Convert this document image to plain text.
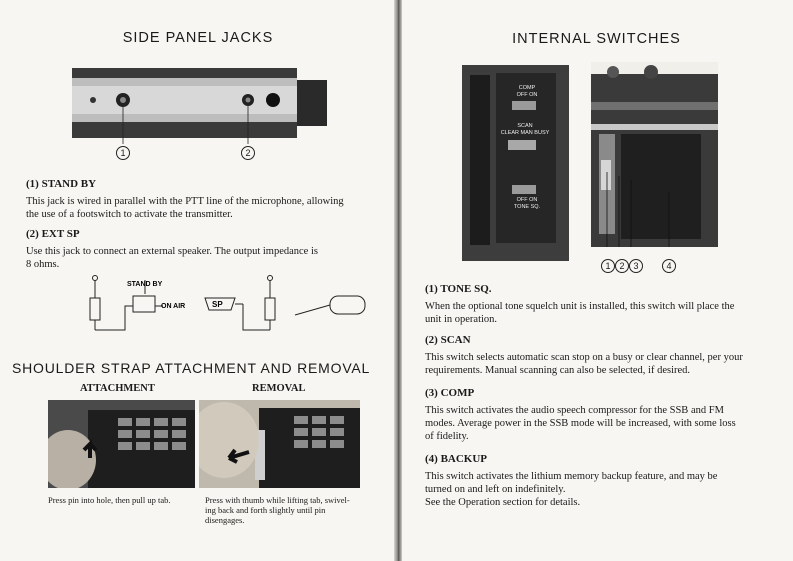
SIDE PANEL JACKS
1	2
(1) STAND BY
This jack is wired in parallel with the PTT line of the microphone, allowing
the use of a footswitch to activate the transmitter.
(2) EXT SP
Use this jack to connect an external speaker. The output impedance is
8 ohms.
STAND BY
ON AIR	SP
SHOULDER STRAP ATTACHMENT AND REMOVAL
ATTACHMENT	REMOVAL
Press pin into hole, then pull up tab.	Press with thumb while lifting tab, swivel-
ing back and forth slightly until pin
disengages.
INTERNAL SWITCHES
COMP
OFF ON
SCAN
CLEAR MAN BUSY
OFF ON
TONE SQ.
1 2 3	4
(1) TONE SQ.
When the optional tone squelch unit is installed, this switch will place the
unit in operation.
(2) SCAN
This switch selects automatic scan stop on a busy or clear channel, per your
requirements. Manual scanning can also be selected, if desired.
(3) COMP
This switch activates the audio speech compressor for the SSB and FM
modes. Average power in the SSB mode will be increased, with some loss
of fidelity.
(4) BACKUP
This switch activates the lithium memory backup feature, and may be
turned on and left on indefinitely.
See the Operation section for details.
